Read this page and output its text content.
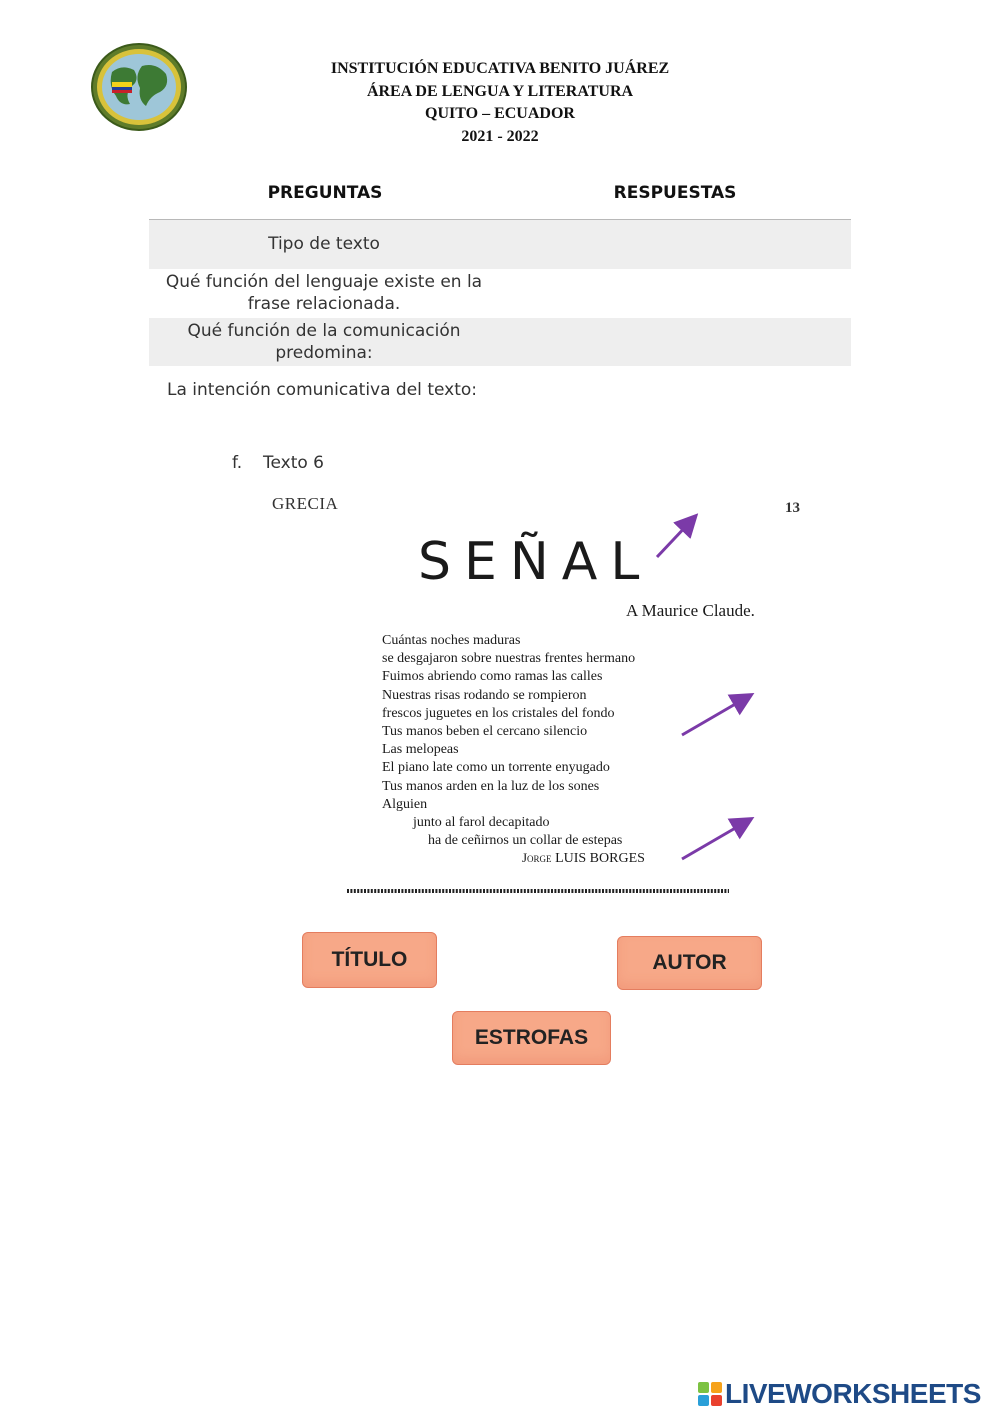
INSTITUCIÓN EDUCATIVA BENITO JUÁREZ
ÁREA DE LENGUA Y LITERATURA
QUITO – ECUADOR
2021 - 2022
PREGUNTAS	RESPUESTAS
Tipo de texto
Qué función del lenguaje existe en la frase relacionada.
Qué función de la comunicación predomina:
La intención comunicativa del texto:
f. Texto 6
GRECIA	13
SEÑAL
A Maurice Claude.
Cuántas noches maduras
se desgajaron sobre nuestras frentes hermano
Fuimos abriendo como ramas las calles
Nuestras risas rodando se rompieron
frescos juguetes en los cristales del fondo
Tus manos beben el cercano silencio
Las melopeas
El piano late como un torrente enyugado
Tus manos arden en la luz de los sones
Alguien
junto al farol decapitado
ha de ceñirnos un collar de estepas
Jorge LUIS BORGES
TÍTULO	AUTOR
ESTROFAS
LIVEWORKSHEETS
